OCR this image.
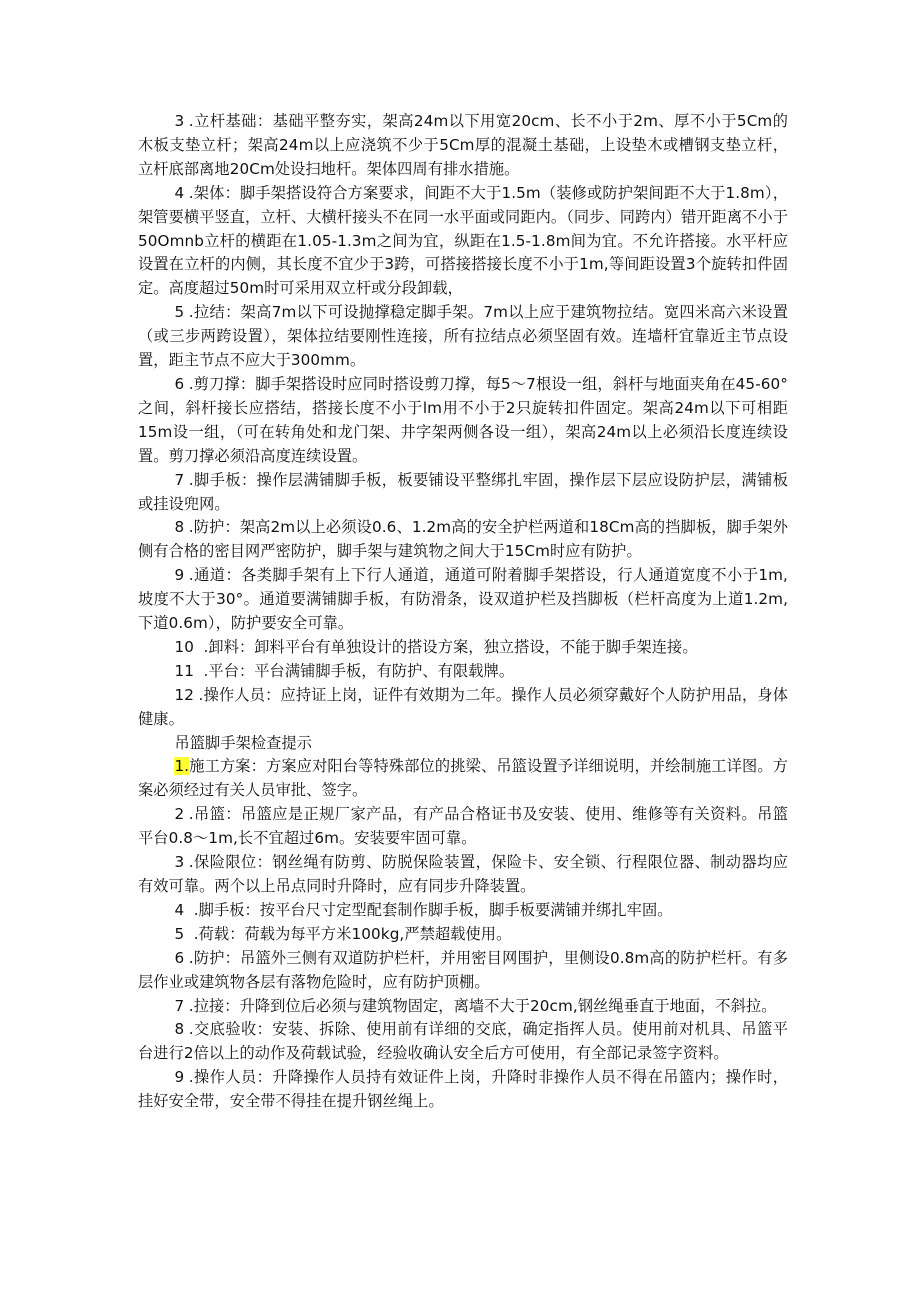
3 .立杆基础：基础平整夯实，架高24m以下用宽20cm、长不小于2m、厚不小于5Cm的木板支垫立杆；架高24m以上应浇筑不少于5Cm厚的混凝土基础，上设垫木或槽钢支垫立杆，立杆底部离地20Cm处设扫地杆。架体四周有排水措施。

4 .架体：脚手架搭设符合方案要求，间距不大于1.5m（装修或防护架间距不大于1.8m），架管要横平竖直，立杆、大横杆接头不在同一水平面或同距内。（同步、同跨内）错开距离不小于50Omnb立杆的横距在1.05-1.3m之间为宜，纵距在1.5-1.8m间为宜。不允许搭接。水平杆应设置在立杆的内侧，其长度不宜少于3跨，可搭接搭接长度不小于1m,等间距设置3个旋转扣件固定。高度超过50m时可采用双立杆或分段卸载，

5 .拉结：架高7m以下可设抛撑稳定脚手架。7m以上应于建筑物拉结。宽四米高六米设置（或三步两跨设置），架体拉结要刚性连接，所有拉结点必须坚固有效。连墙杆宜靠近主节点设置，距主节点不应大于300mm。

6 .剪刀撑：脚手架搭设时应同时搭设剪刀撑，每5～7根设一组，斜杆与地面夹角在45-60°之间，斜杆接长应搭结，搭接长度不小于lm用不小于2只旋转扣件固定。架高24m以下可相距15m设一组，（可在转角处和龙门架、井字架两侧各设一组），架高24m以上必须沿长度连续设置。剪刀撑必须沿高度连续设置。

7 .脚手板：操作层满铺脚手板，板要铺设平整绑扎牢固，操作层下层应设防护层，满铺板或挂设兜网。

8 .防护：架高2m以上必须设0.6、1.2m高的安全护栏两道和18Cm高的挡脚板，脚手架外侧有合格的密目网严密防护，脚手架与建筑物之间大于15Cm时应有防护。

9 .通道：各类脚手架有上下行人通道，通道可附着脚手架搭设，行人通道宽度不小于1m,坡度不大于30°。通道要满铺脚手板，有防滑条，设双道护栏及挡脚板（栏杆高度为上道1.2m,下道0.6m），防护要安全可靠。

10 .卸料：卸料平台有单独设计的搭设方案，独立搭设，不能于脚手架连接。

11 .平台：平台满铺脚手板，有防护、有限载牌。

12 .操作人员：应持证上岗，证件有效期为二年。操作人员必须穿戴好个人防护用品，身体健康。

吊篮脚手架检查提示

1.施工方案：方案应对阳台等特殊部位的挑梁、吊篮设置予详细说明，并绘制施工详图。方案必须经过有关人员审批、签字。

2 .吊篮：吊篮应是正规厂家产品，有产品合格证书及安装、使用、维修等有关资料。吊篮平台0.8～1m,长不宜超过6m。安装要牢固可靠。

3 .保险限位：钢丝绳有防剪、防脱保险装置，保险卡、安全锁、行程限位器、制动器均应有效可靠。两个以上吊点同时升降时，应有同步升降装置。

4 .脚手板：按平台尺寸定型配套制作脚手板，脚手板要满铺并绑扎牢固。

5 .荷载：荷载为每平方米100kg,严禁超载使用。

6 .防护：吊篮外三侧有双道防护栏杆，并用密目网围护，里侧设0.8m高的防护栏杆。有多层作业或建筑物各层有落物危险时，应有防护顶棚。

7 .拉接：升降到位后必须与建筑物固定，离墙不大于20cm,钢丝绳垂直于地面，不斜拉。

8 .交底验收：安装、拆除、使用前有详细的交底，确定指挥人员。使用前对机具、吊篮平台进行2倍以上的动作及荷载试验，经验收确认安全后方可使用，有全部记录签字资料。

9 .操作人员：升降操作人员持有效证件上岗，升降时非操作人员不得在吊篮内；操作时，挂好安全带，安全带不得挂在提升钢丝绳上。
